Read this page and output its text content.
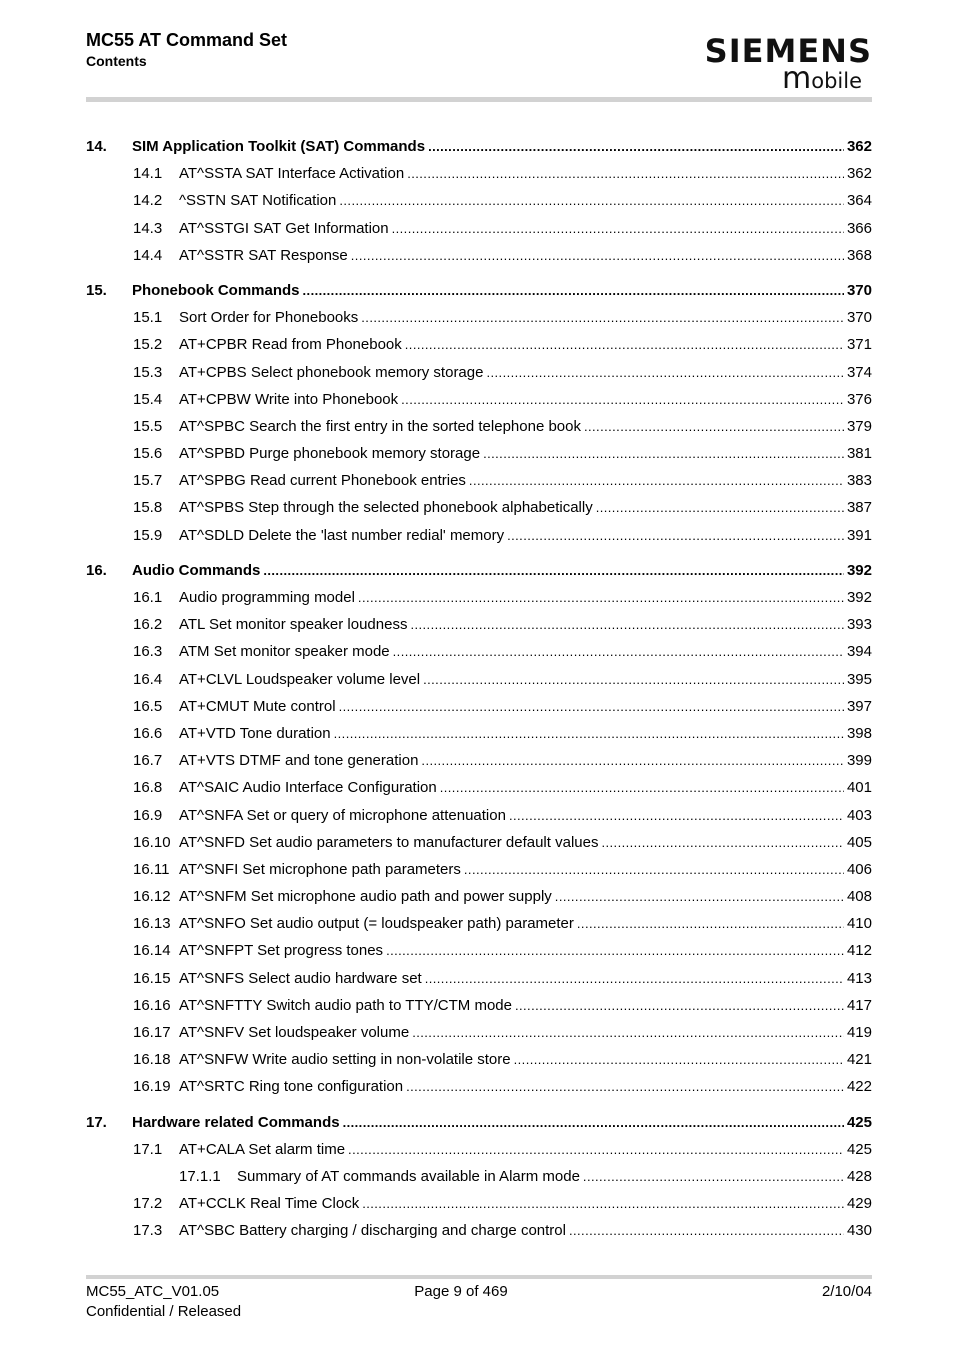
MC55 AT Command Set
Contents	SIEMENS
mobile
14.	SIM Application Toolkit (SAT) Commands . . .	362
14.1	AT^SSTA SAT Interface Activation . . .	362
14.2	^SSTN SAT Notification . . .	364
14.3	AT^SSTGI SAT Get Information . . .	366
14.4	AT^SSTR SAT Response . . .	368
15.	Phonebook Commands . . .	370
15.1	Sort Order for Phonebooks . . .	370
15.2	AT+CPBR Read from Phonebook . . .	371
15.3	AT+CPBS Select phonebook memory storage . . .	374
15.4	AT+CPBW Write into Phonebook . . .	376
15.5	AT^SPBC Search the first entry in the sorted telephone book . . .	379
15.6	AT^SPBD Purge phonebook memory storage . . .	381
15.7	AT^SPBG Read current Phonebook entries . . .	383
15.8	AT^SPBS Step through the selected phonebook alphabetically . . .	387
15.9	AT^SDLD Delete the 'last number redial' memory . . .	391
16.	Audio Commands . . .	392
16.1	Audio programming model . . .	392
16.2	ATL Set monitor speaker loudness . . .	393
16.3	ATM Set monitor speaker mode . . .	394
16.4	AT+CLVL Loudspeaker volume level . . .	395
16.5	AT+CMUT Mute control . . .	397
16.6	AT+VTD Tone duration . . .	398
16.7	AT+VTS DTMF and tone generation . . .	399
16.8	AT^SAIC Audio Interface Configuration . . .	401
16.9	AT^SNFA Set or query of microphone attenuation . . .	403
16.10 AT^SNFD Set audio parameters to manufacturer default values . . .	405
16.11 AT^SNFI Set microphone path parameters . . .	406
16.12 AT^SNFM Set microphone audio path and power supply . . .	408
16.13 AT^SNFO Set audio output (= loudspeaker path) parameter . . .	410
16.14 AT^SNFPT Set progress tones . . .	412
16.15 AT^SNFS Select audio hardware set . . .	413
16.16 AT^SNFTTY Switch audio path to TTY/CTM mode . . .	417
16.17 AT^SNFV Set loudspeaker volume . . .	419
16.18 AT^SNFW Write audio setting in non-volatile store . . .	421
16.19 AT^SRTC Ring tone configuration . . .	422
17.	Hardware related Commands . . .	425
17.1	AT+CALA Set alarm time . . .	425
17.1.1	Summary of AT commands available in Alarm mode . . .	428
17.2	AT+CCLK Real Time Clock . . .	429
17.3	AT^SBC Battery charging / discharging and charge control . . .	430
MC55_ATC_V01.05
Confidential / Released
Page 9 of 469	2/10/04
